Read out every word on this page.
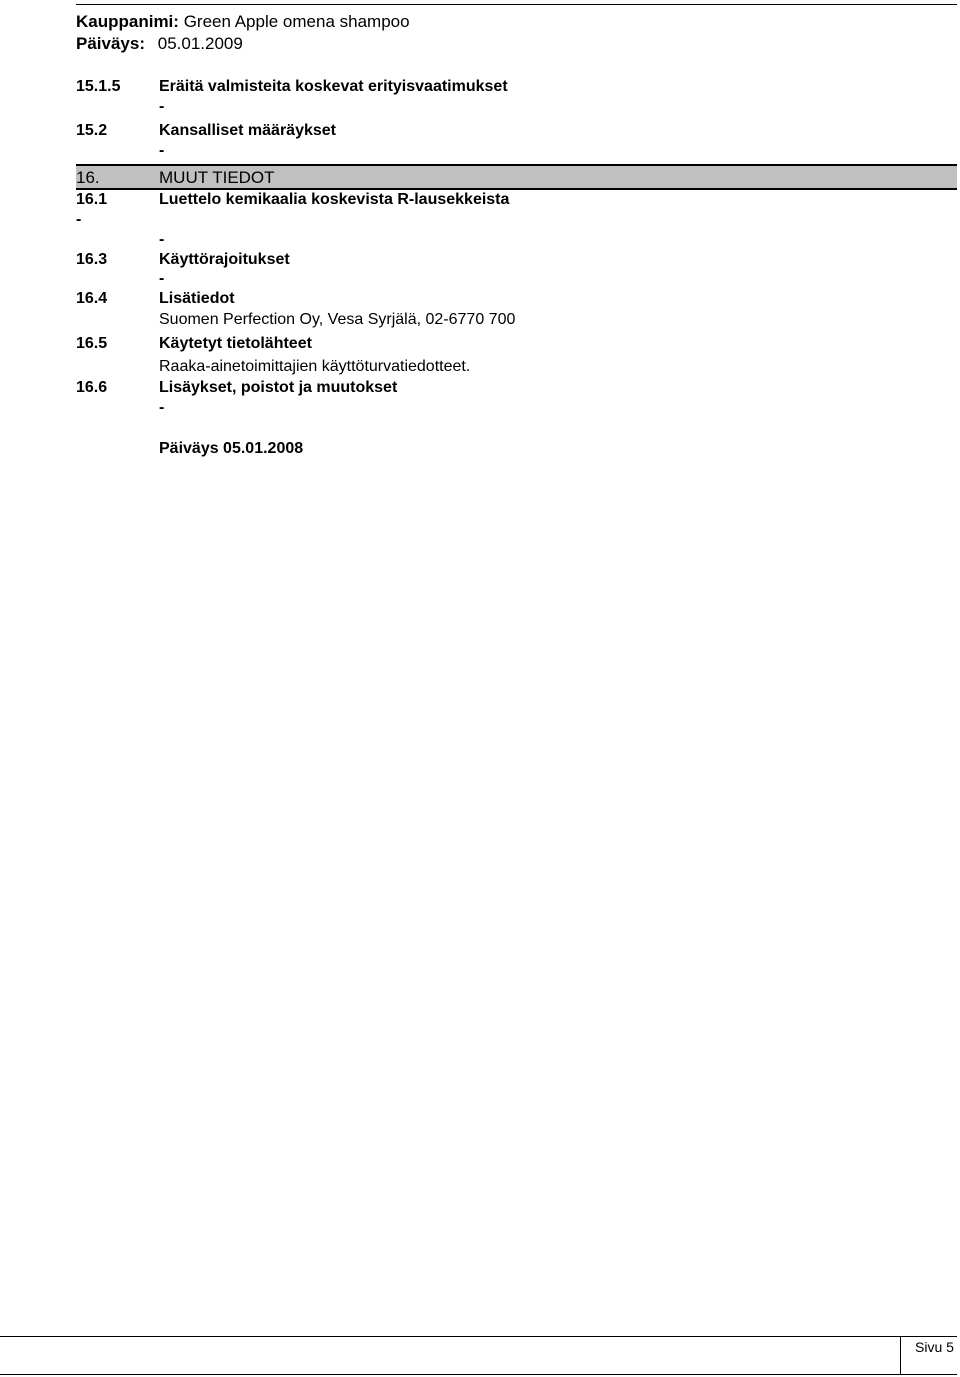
Kauppanimi: Green Apple omena shampoo
Päiväys: 05.01.2009
15.1.5 Eräitä valmisteita koskevat erityisvaatimukset
-
15.2	Kansalliset määräykset
-
16.	MUUT TIEDOT
16.1	Luettelo kemikaalia koskevista R-lausekkeista
-
-
16.3	Käyttörajoitukset
-
16.4	Lisätiedot
Suomen Perfection Oy, Vesa Syrjälä, 02-6770 700
16.5	Käytetyt tietolähteet
Raaka-ainetoimittajien käyttöturvatiedotteet.
16.6	Lisäykset, poistot ja muutokset
-
Päiväys 05.01.2008
Sivu 5
